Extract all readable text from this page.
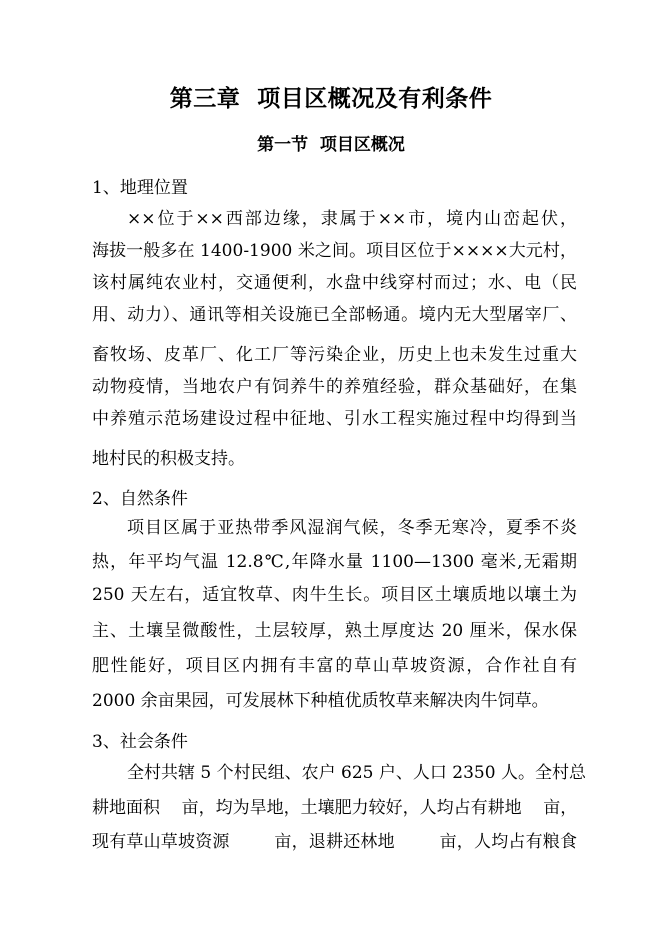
第三章  项目区概况及有利条件
第一节  项目区概况
1、地理位置
××位于××西部边缘，隶属于××市，境内山峦起伏，
海拔一般多在 1400-1900 米之间。项目区位于××××大元村，
该村属纯农业村，交通便利，水盘中线穿村而过；水、电（民
用、动力）、通讯等相关设施已全部畅通。境内无大型屠宰厂、
畜牧场、皮革厂、化工厂等污染企业，历史上也未发生过重大
动物疫情，当地农户有饲养牛的养殖经验，群众基础好，在集
中养殖示范场建设过程中征地、引水工程实施过程中均得到当
地村民的积极支持。
2、自然条件
项目区属于亚热带季风湿润气候，冬季无寒冷，夏季不炎
热，年平均气温 12.8℃,年降水量 1100—1300 毫米,无霜期
250 天左右，适宜牧草、肉牛生长。项目区土壤质地以壤土为
主、土壤呈微酸性，土层较厚，熟土厚度达 20 厘米，保水保
肥性能好，项目区内拥有丰富的草山草坡资源，合作社自有
2000 余亩果园，可发展林下种植优质牧草来解决肉牛饲草。
3、社会条件
全村共辖 5 个村民组、农户 625 户、人口 2350 人。全村总
耕地面积    亩，均为旱地，土壤肥力较好，人均占有耕地    亩，
现有草山草坡资源        亩，退耕还林地        亩，人均占有粮食
